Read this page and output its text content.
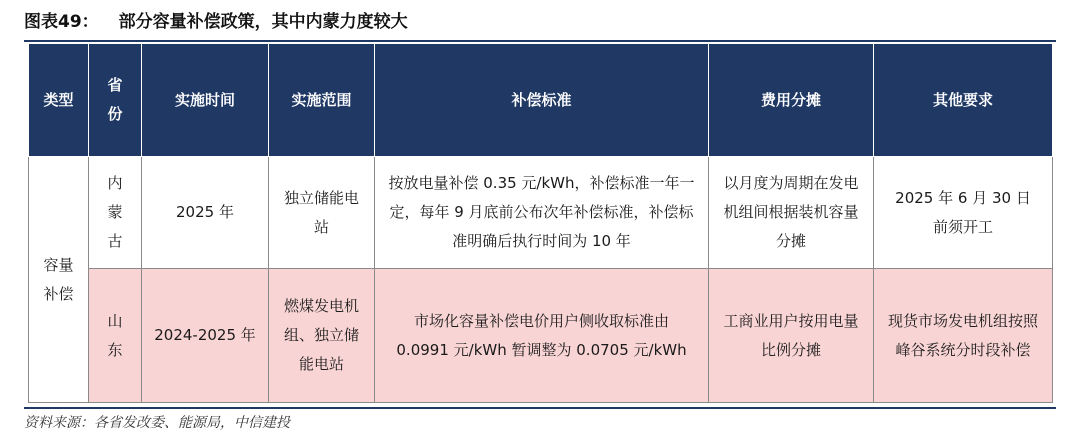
图表49： 部分容量补偿政策，其中内蒙力度较大
类型	省份	实施时间	实施范围	补偿标准	费用分摊	其他要求
容量补偿	内蒙古	2025 年	独立储能电站	按放电量补偿 0.35 元/kWh，补偿标准一年一定，每年 9 月底前公布次年补偿标准，补偿标准明确后执行时间为 10 年	以月度为周期在发电机组间根据装机容量分摊	2025 年 6 月 30 日前须开工
	山东	2024-2025 年	燃煤发电机组、独立储能电站	市场化容量补偿电价用户侧收取标准由 0.0991 元/kWh 暂调整为 0.0705 元/kWh	工商业用户按用电量比例分摊	现货市场发电机组按照峰谷系统分时段补偿
资料来源：各省发改委、能源局，中信建投
